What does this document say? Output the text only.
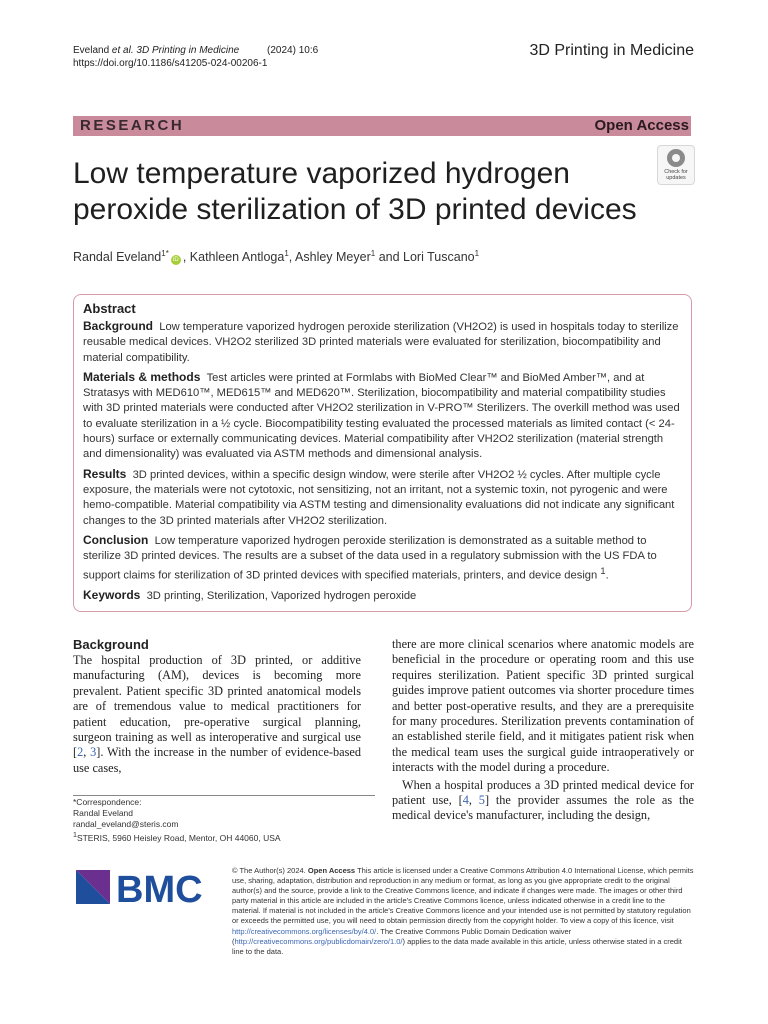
Eveland et al. 3D Printing in Medicine	(2024) 10:6
https://doi.org/10.1186/s41205-024-00206-1
3D Printing in Medicine
RESEARCH	Open Access
Low temperature vaporized hydrogen peroxide sterilization of 3D printed devices
Check for
updates
Randal Eveland$^{1*}$iD , Kathleen Antloga$^1$, Ashley Meyer$^1$ and Lori Tuscano$^1$
Abstract

Background Low temperature vaporized hydrogen peroxide sterilization (VH2O2) is used in hospitals today to sterilize reusable medical devices. VH2O2 sterilized 3D printed materials were evaluated for sterilization, biocompatibility and material compatibility.

Materials & methods Test articles were printed at Formlabs with BioMed Clear™ and BioMed Amber™, and at Stratasys with MED610™, MED615™ and MED620™. Sterilization, biocompatibility and material compatibility studies with 3D printed materials were conducted after VH2O2 sterilization in V-PRO™ Sterilizers. The overkill method was used to evaluate sterilization in a ½ cycle. Biocompatibility testing evaluated the processed materials as limited contact (< 24-hours) surface or externally communicating devices. Material compatibility after VH2O2 sterilization (material strength and dimensionality) was evaluated via ASTM methods and dimensional analysis.

Results 3D printed devices, within a specific design window, were sterile after VH2O2 ½ cycles. After multiple cycle exposure, the materials were not cytotoxic, not sensitizing, not an irritant, not a systemic toxin, not pyrogenic and were hemo-compatible. Material compatibility via ASTM testing and dimensionality evaluations did not indicate any significant changes to the 3D printed materials after VH2O2 sterilization.

Conclusion Low temperature vaporized hydrogen peroxide sterilization is demonstrated as a suitable method to sterilize 3D printed devices. The results are a subset of the data used in a regulatory submission with the US FDA to support claims for sterilization of 3D printed devices with specified materials, printers, and device design $^1$.

Keywords 3D printing, Sterilization, Vaporized hydrogen peroxide

Background

The hospital production of 3D printed, or additive manufacturing (AM), devices is becoming more prevalent. Patient specific 3D printed anatomical models are of tremendous value to medical practitioners for patient education, pre-operative surgical planning, surgeon training as well as interoperative and surgical use [2, 3]. With the increase in the number of evidence-based use cases,

there are more clinical scenarios where anatomic models are beneficial in the procedure or operating room and this use requires sterilization. Patient specific 3D printed surgical guides improve patient outcomes via shorter procedure times and better post-operative results, and they are a prerequisite for many procedures. Sterilization prevents contamination of an established sterile field, and it mitigates patient risk when the medical team uses the surgical guide intraoperatively or interacts with the model during a procedure.

When a hospital produces a 3D printed medical device for patient use, [4, 5] the provider assumes the role as the medical device's manufacturer, including the design,

*Correspondence:
Randal Eveland
randal_eveland@steris.com
$^1$STERIS, 5960 Heisley Road, Mentor, OH 44060, USA
BMC	© The Author(s) 2024. Open Access This article is licensed under a Creative Commons Attribution 4.0 International License, which permits use, sharing, adaptation, distribution and reproduction in any medium or format, as long as you give appropriate credit to the original author(s) and the source, provide a link to the Creative Commons licence, and indicate if changes were made. The images or other third party material in this article are included in the article's Creative Commons licence, unless indicated otherwise in a credit line to the material. If material is not included in the article's Creative Commons licence and your intended use is not permitted by statutory regulation or exceeds the permitted use, you will need to obtain permission directly from the copyright holder. To view a copy of this licence, visit http://creativecommons.org/licenses/by/4.0/. The Creative Commons Public Domain Dedication waiver (http://creativecommons.org/publicdomain/zero/1.0/) applies to the data made available in this article, unless otherwise stated in a credit line to the data.
